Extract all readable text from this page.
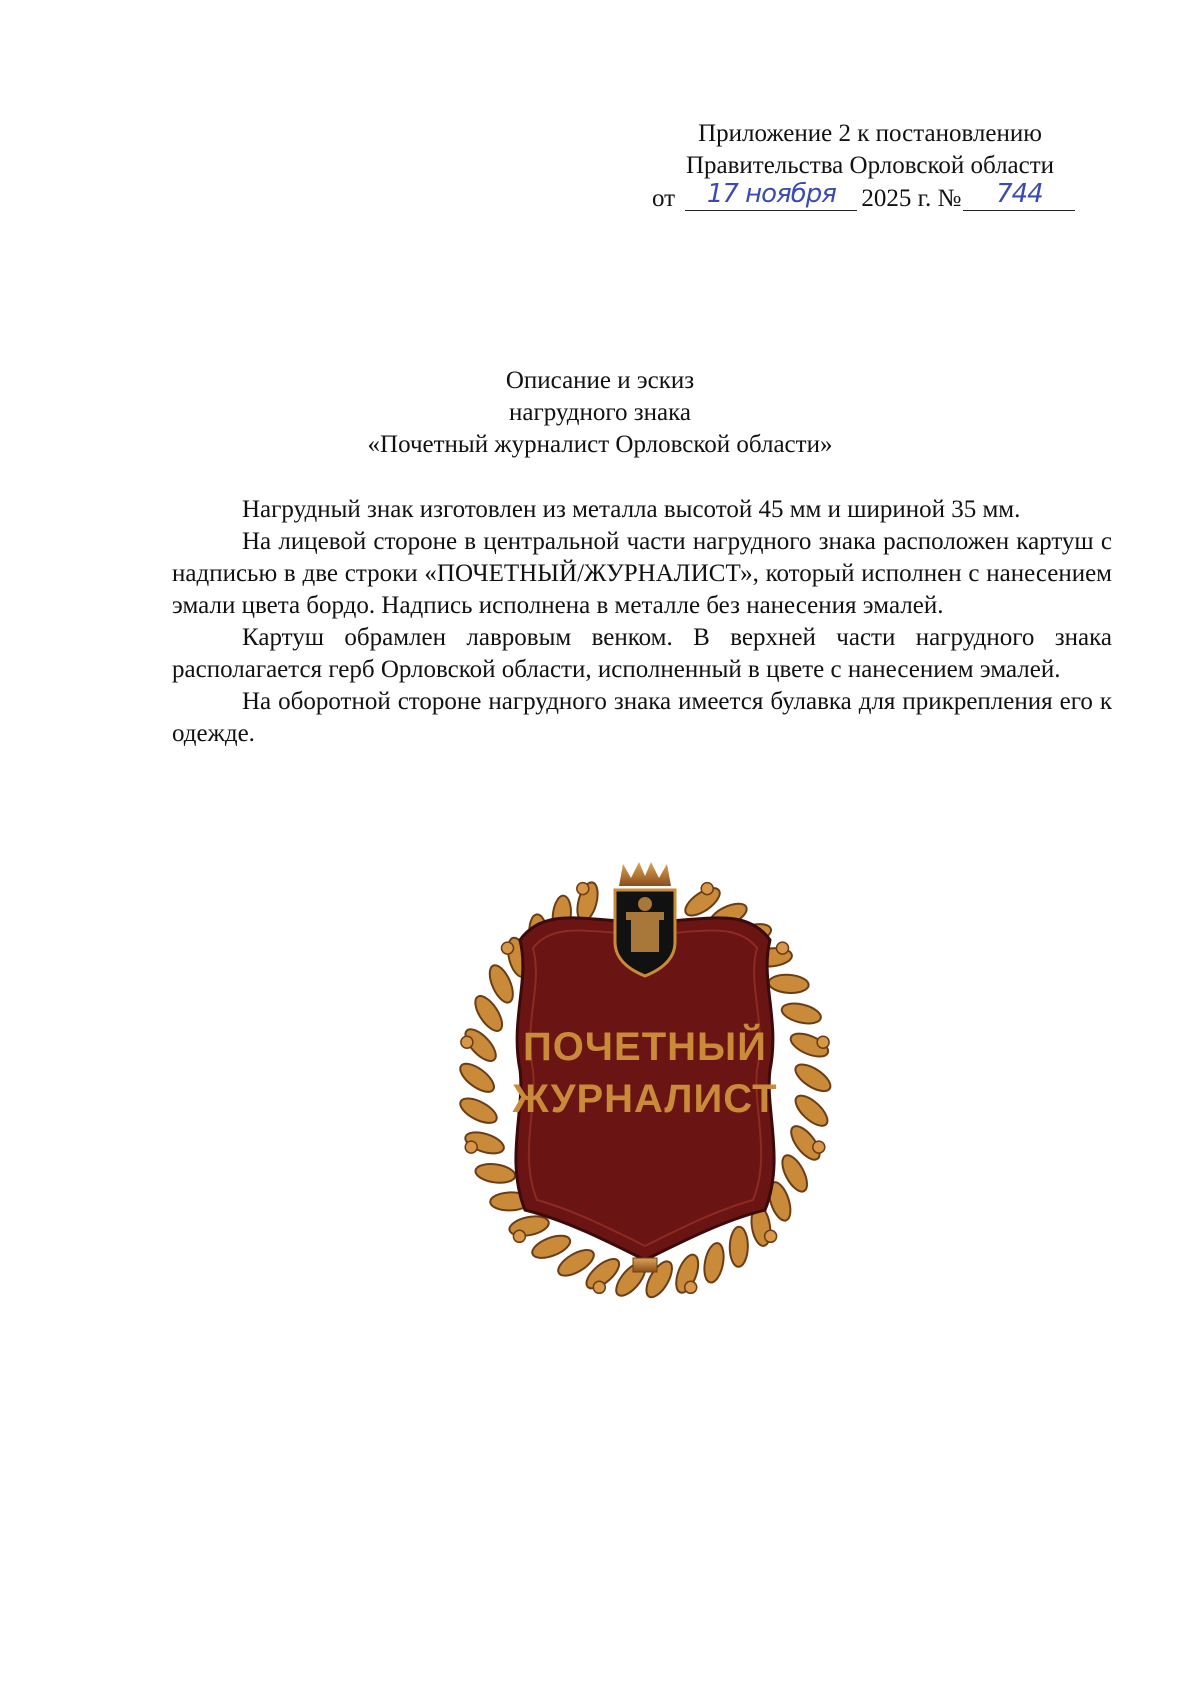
Приложение 2 к постановлению
Правительства Орловской области
от 17 ноября 2025 г. № 744
Описание и эскиз
нагрудного знака
«Почетный журналист Орловской области»

Нагрудный знак изготовлен из металла высотой 45 мм и шириной 35 мм.

На лицевой стороне в центральной части нагрудного знака расположен картуш с надписью в две строки «ПОЧЕТНЫЙ/ЖУРНАЛИСТ», который исполнен с нанесением эмали цвета бордо. Надпись исполнена в металле без нанесения эмалей.

Картуш обрамлен лавровым венком. В верхней части нагрудного знака располагается герб Орловской области, исполненный в цвете с нанесением эмалей.

На оборотной стороне нагрудного знака имеется булавка для прикрепления его к одежде.

ПОЧЕТНЫЙ
ЖУРНАЛИСТ
